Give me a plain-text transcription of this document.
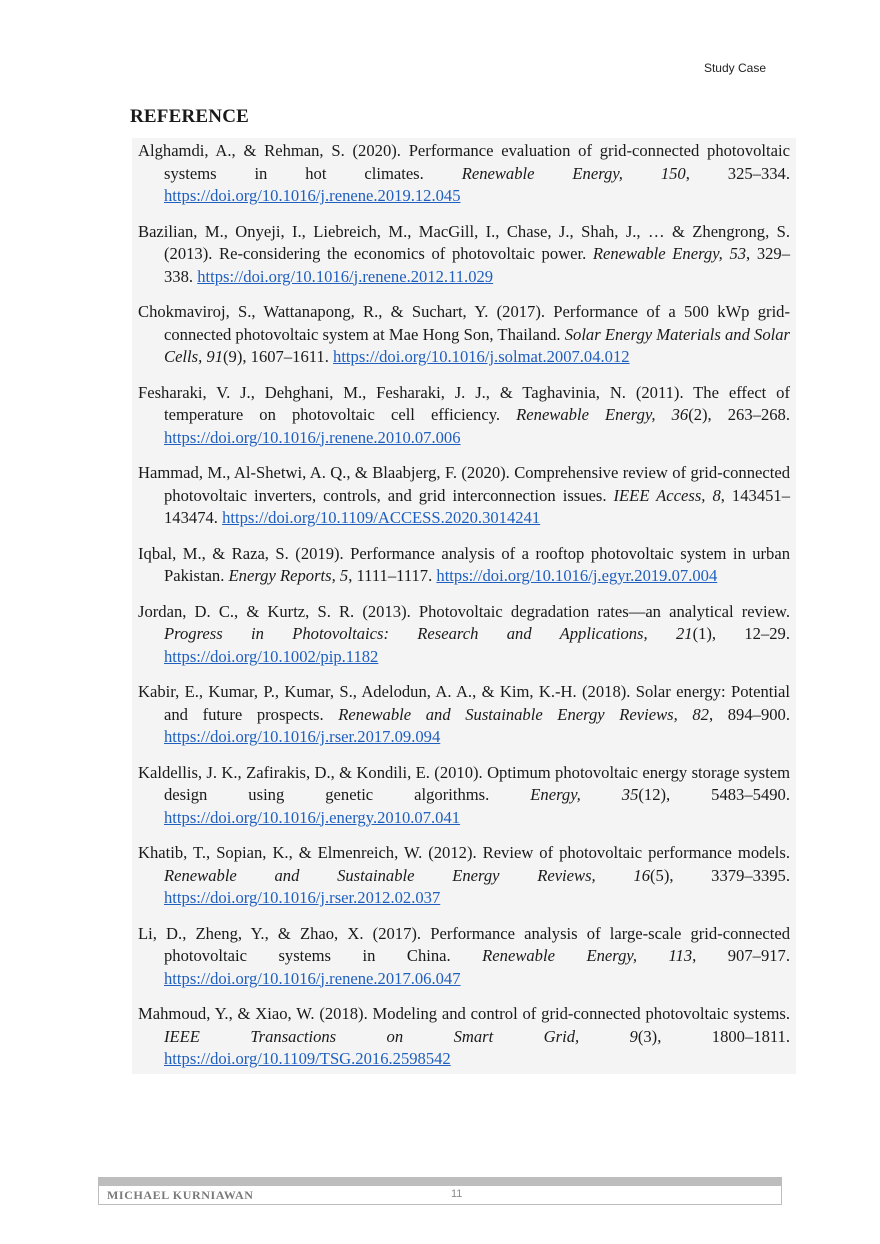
Study Case
REFERENCE

Alghamdi, A., & Rehman, S. (2020). Performance evaluation of grid-connected photovoltaic systems in hot climates. Renewable Energy, 150, 325–334. https://doi.org/10.1016/j.renene.2019.12.045

Bazilian, M., Onyeji, I., Liebreich, M., MacGill, I., Chase, J., Shah, J., … & Zhengrong, S. (2013). Re-considering the economics of photovoltaic power. Renewable Energy, 53, 329–338. https://doi.org/10.1016/j.renene.2012.11.029

Chokmaviroj, S., Wattanapong, R., & Suchart, Y. (2017). Performance of a 500 kWp grid-connected photovoltaic system at Mae Hong Son, Thailand. Solar Energy Materials and Solar Cells, 91(9), 1607–1611. https://doi.org/10.1016/j.solmat.2007.04.012

Fesharaki, V. J., Dehghani, M., Fesharaki, J. J., & Taghavinia, N. (2011). The effect of temperature on photovoltaic cell efficiency. Renewable Energy, 36(2), 263–268. https://doi.org/10.1016/j.renene.2010.07.006

Hammad, M., Al-Shetwi, A. Q., & Blaabjerg, F. (2020). Comprehensive review of grid-connected photovoltaic inverters, controls, and grid interconnection issues. IEEE Access, 8, 143451–143474. https://doi.org/10.1109/ACCESS.2020.3014241

Iqbal, M., & Raza, S. (2019). Performance analysis of a rooftop photovoltaic system in urban Pakistan. Energy Reports, 5, 1111–1117. https://doi.org/10.1016/j.egyr.2019.07.004

Jordan, D. C., & Kurtz, S. R. (2013). Photovoltaic degradation rates—an analytical review. Progress in Photovoltaics: Research and Applications, 21(1), 12–29. https://doi.org/10.1002/pip.1182

Kabir, E., Kumar, P., Kumar, S., Adelodun, A. A., & Kim, K.-H. (2018). Solar energy: Potential and future prospects. Renewable and Sustainable Energy Reviews, 82, 894–900. https://doi.org/10.1016/j.rser.2017.09.094

Kaldellis, J. K., Zafirakis, D., & Kondili, E. (2010). Optimum photovoltaic energy storage system design using genetic algorithms. Energy, 35(12), 5483–5490. https://doi.org/10.1016/j.energy.2010.07.041

Khatib, T., Sopian, K., & Elmenreich, W. (2012). Review of photovoltaic performance models. Renewable and Sustainable Energy Reviews, 16(5), 3379–3395. https://doi.org/10.1016/j.rser.2012.02.037

Li, D., Zheng, Y., & Zhao, X. (2017). Performance analysis of large-scale grid-connected photovoltaic systems in China. Renewable Energy, 113, 907–917. https://doi.org/10.1016/j.renene.2017.06.047

Mahmoud, Y., & Xiao, W. (2018). Modeling and control of grid-connected photovoltaic systems. IEEE Transactions on Smart Grid, 9(3), 1800–1811. https://doi.org/10.1109/TSG.2016.2598542

MICHAEL KURNIAWAN	11
